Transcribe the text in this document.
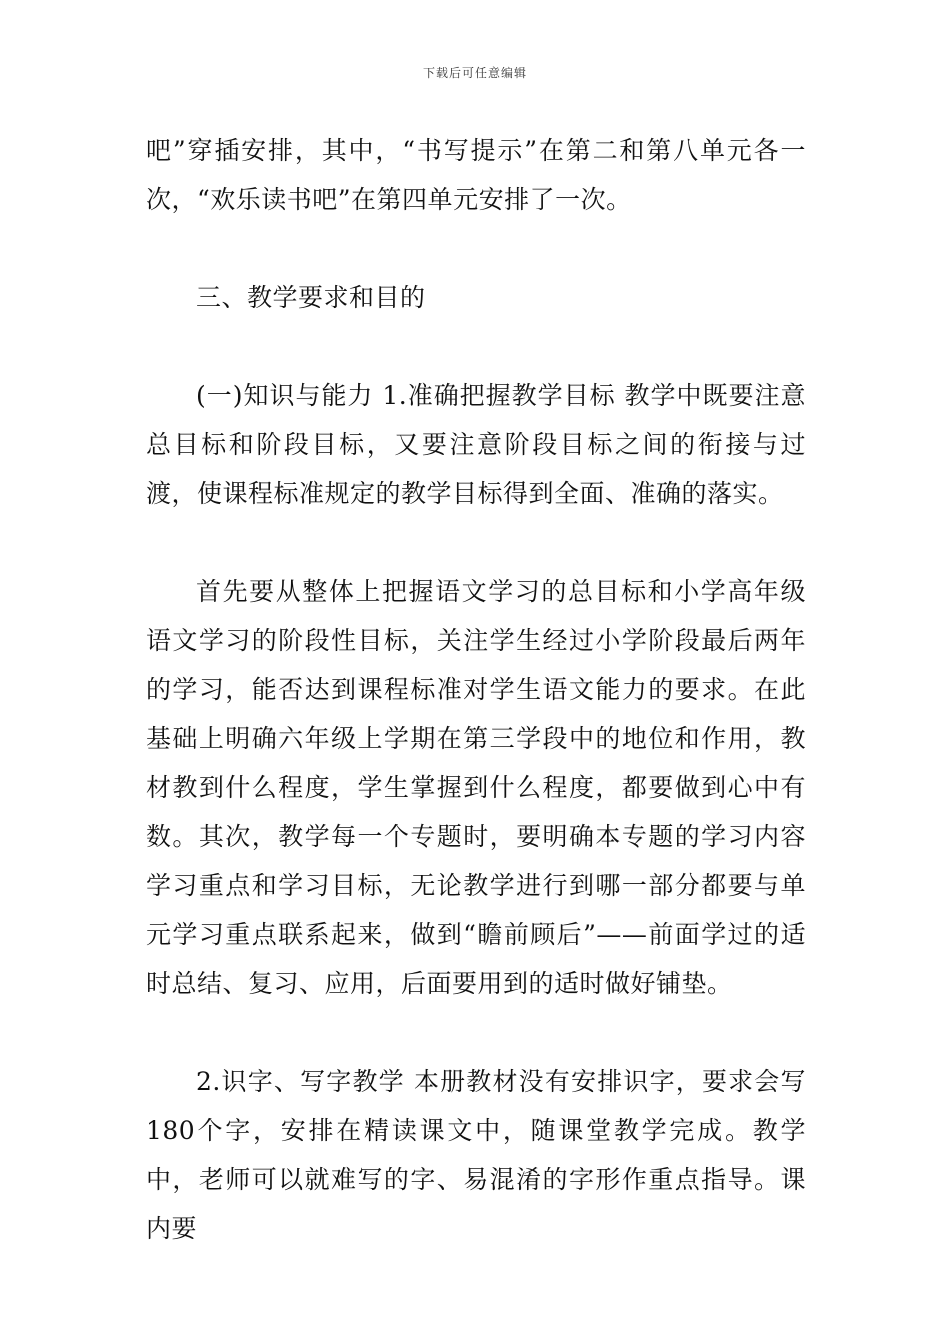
下载后可任意编辑

吧”穿插安排，其中，“书写提示”在第二和第八单元各一次，“欢乐读书吧”在第四单元安排了一次。

三、教学要求和目的

(一)知识与能力 1.准确把握教学目标 教学中既要注意总目标和阶段目标，又要注意阶段目标之间的衔接与过渡，使课程标准规定的教学目标得到全面、准确的落实。

首先要从整体上把握语文学习的总目标和小学高年级语文学习的阶段性目标，关注学生经过小学阶段最后两年的学习，能否达到课程标准对学生语文能力的要求。在此基础上明确六年级上学期在第三学段中的地位和作用，教材教到什么程度，学生掌握到什么程度，都要做到心中有数。其次，教学每一个专题时，要明确本专题的学习内容学习重点和学习目标，无论教学进行到哪一部分都要与单元学习重点联系起来，做到“瞻前顾后”——前面学过的适时总结、复习、应用，后面要用到的适时做好铺垫。

2.识字、写字教学 本册教材没有安排识字，要求会写180个字，安排在精读课文中，随课堂教学完成。教学中，老师可以就难写的字、易混淆的字形作重点指导。课内要
